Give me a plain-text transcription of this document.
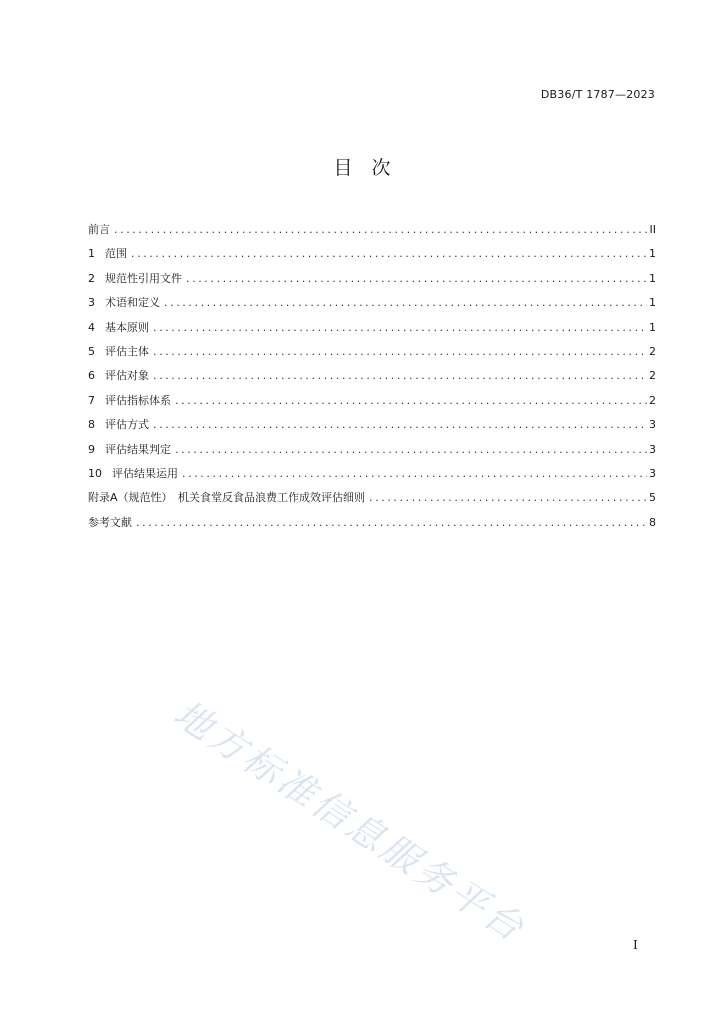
DB36/T 1787—2023
目　次
前言 .....	II
1 范围 .....	1
2 规范性引用文件 .....	1
3 术语和定义 .....	1
4 基本原则 .....	1
5 评估主体 .....	2
6 评估对象 .....	2
7 评估指标体系 .....	2
8 评估方式 .....	3
9 评估结果判定 .....	3
10 评估结果运用 .....	3
附录A（规范性）　机关食堂反食品浪费工作成效评估细则 .....	5
参考文献 .....	8
地方标准信息服务平台	I
